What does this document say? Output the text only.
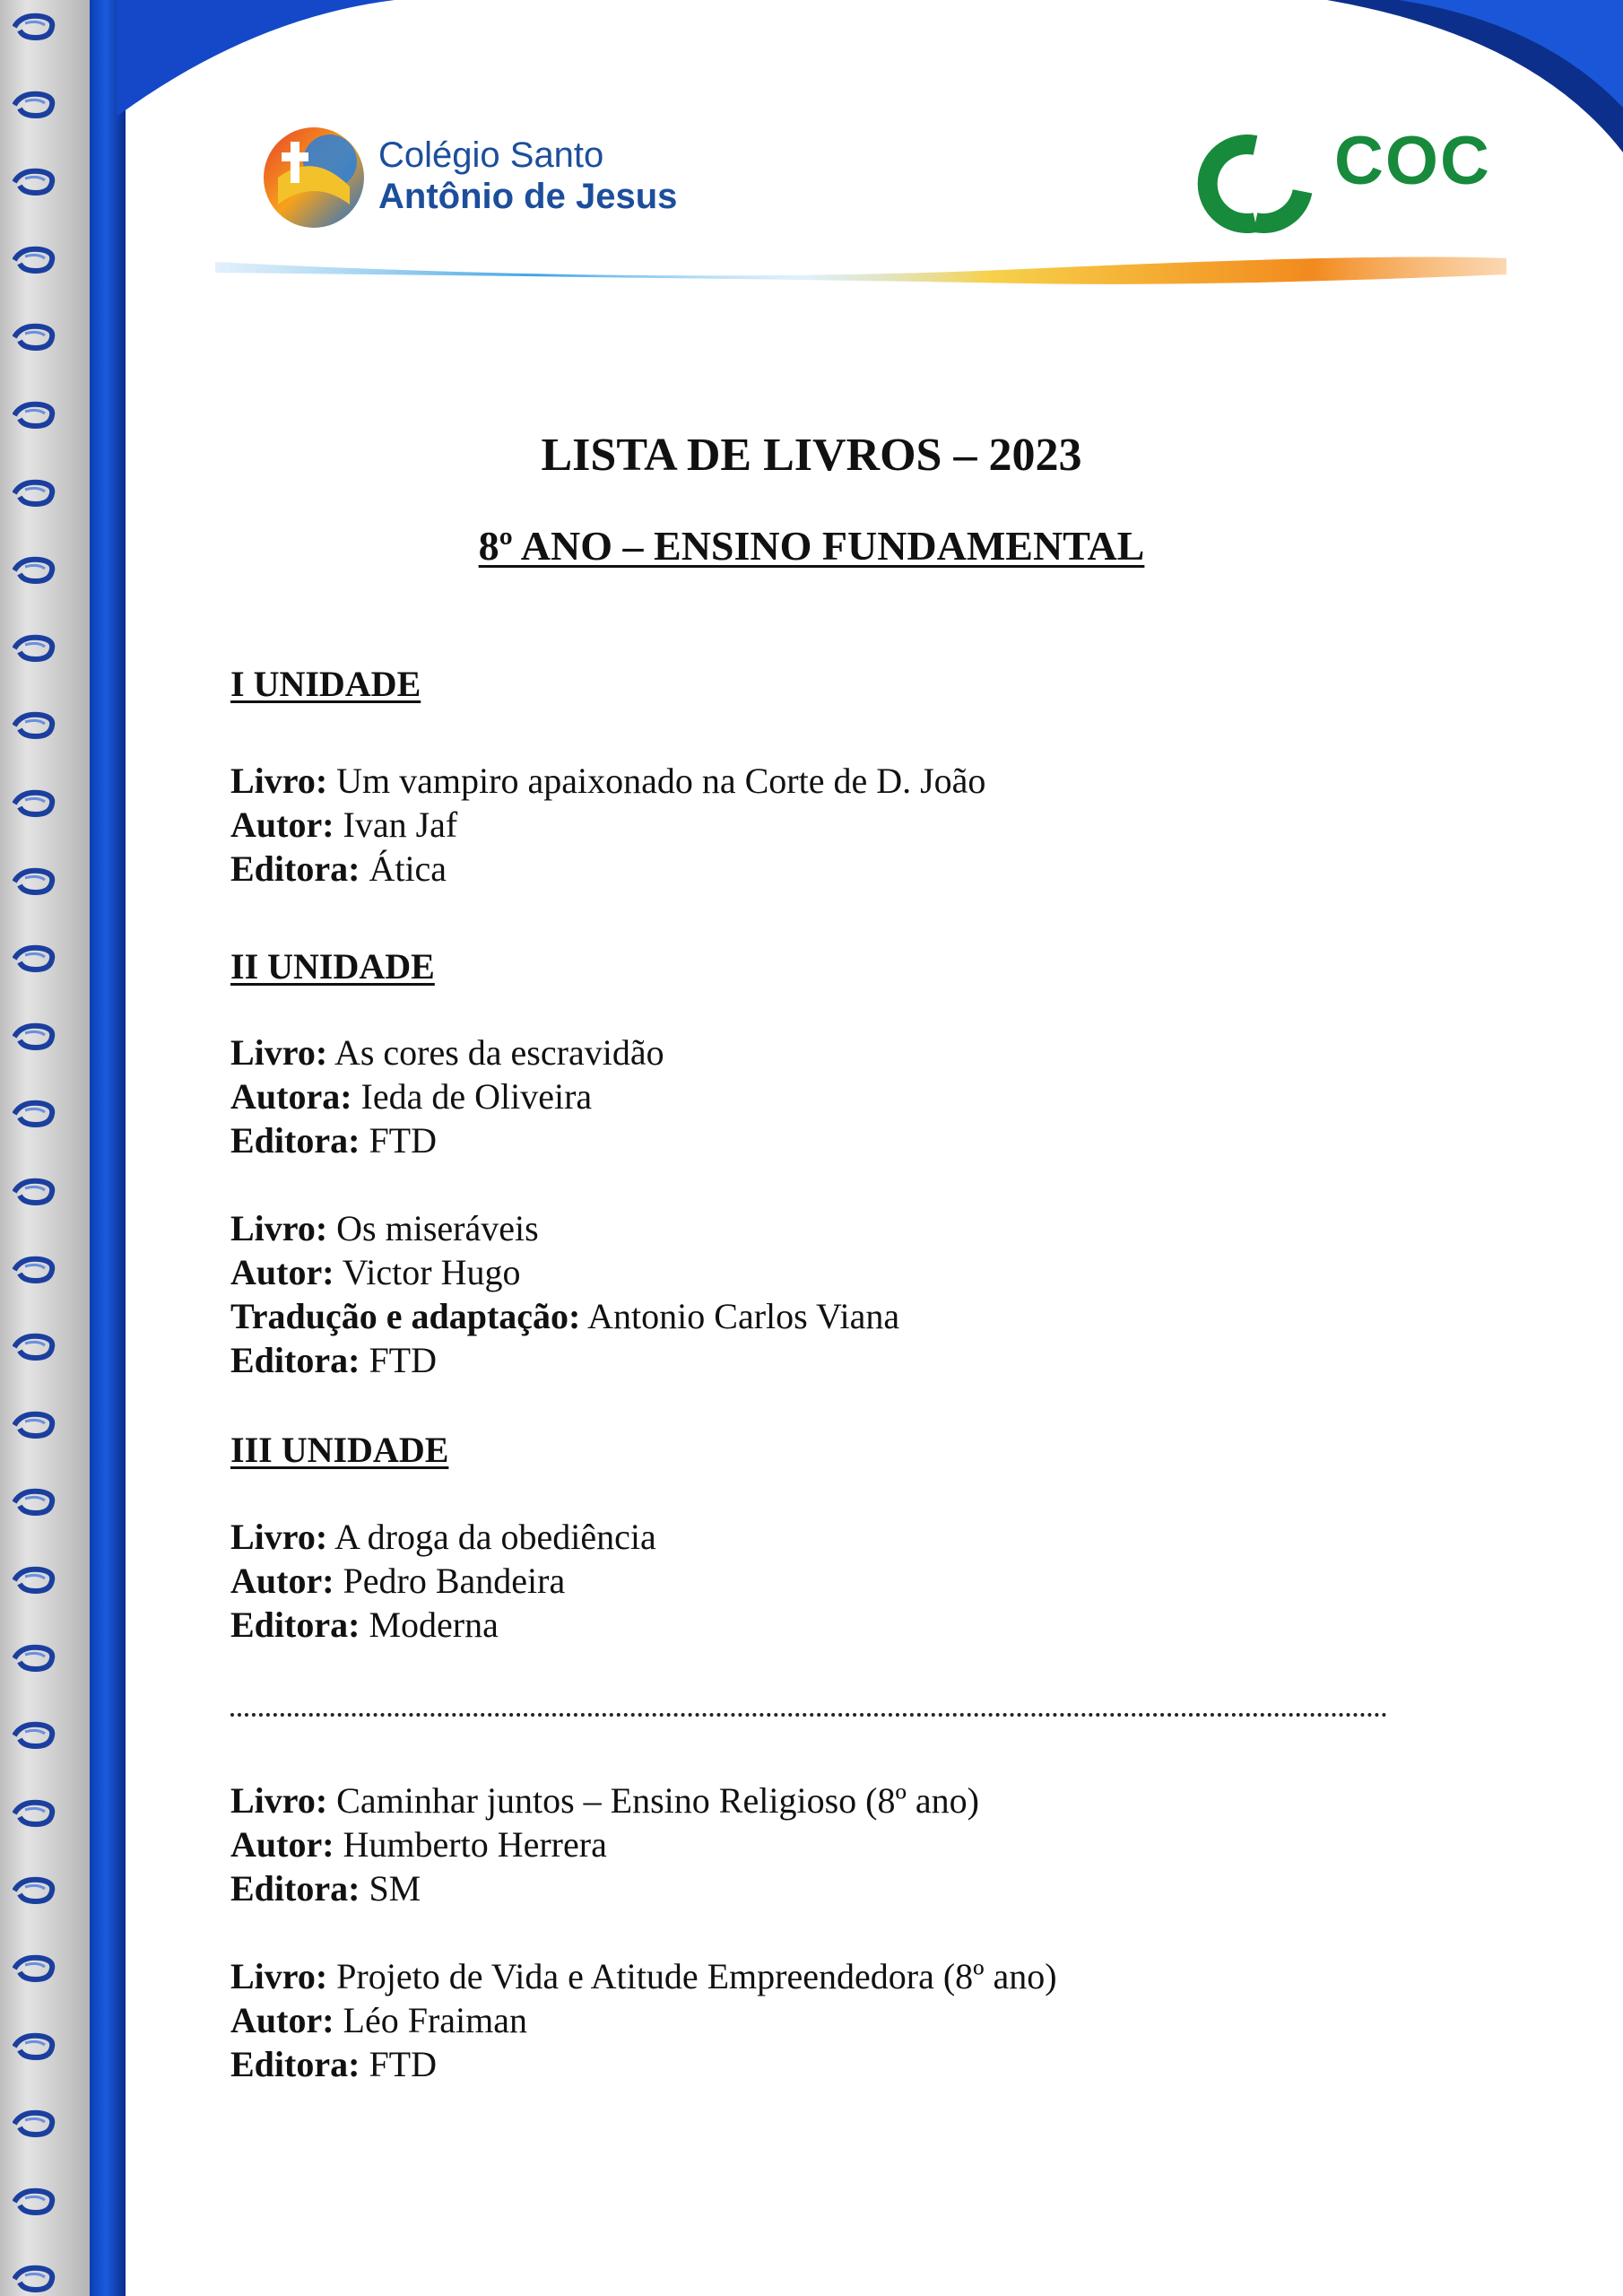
Colégio Santo
Antônio de Jesus	COC
LISTA DE LIVROS – 2023
8º ANO – ENSINO FUNDAMENTAL
I UNIDADE
Livro: Um vampiro apaixonado na Corte de D. João
Autor: Ivan Jaf
Editora: Ática
II UNIDADE
Livro: As cores da escravidão
Autora: Ieda de Oliveira
Editora: FTD
Livro: Os miseráveis
Autor: Victor Hugo
Tradução e adaptação: Antonio Carlos Viana
Editora: FTD
III UNIDADE
Livro: A droga da obediência
Autor: Pedro Bandeira
Editora: Moderna
Livro: Caminhar juntos – Ensino Religioso (8º ano)
Autor: Humberto Herrera
Editora: SM
Livro: Projeto de Vida e Atitude Empreendedora (8º ano)
Autor: Léo Fraiman
Editora: FTD
